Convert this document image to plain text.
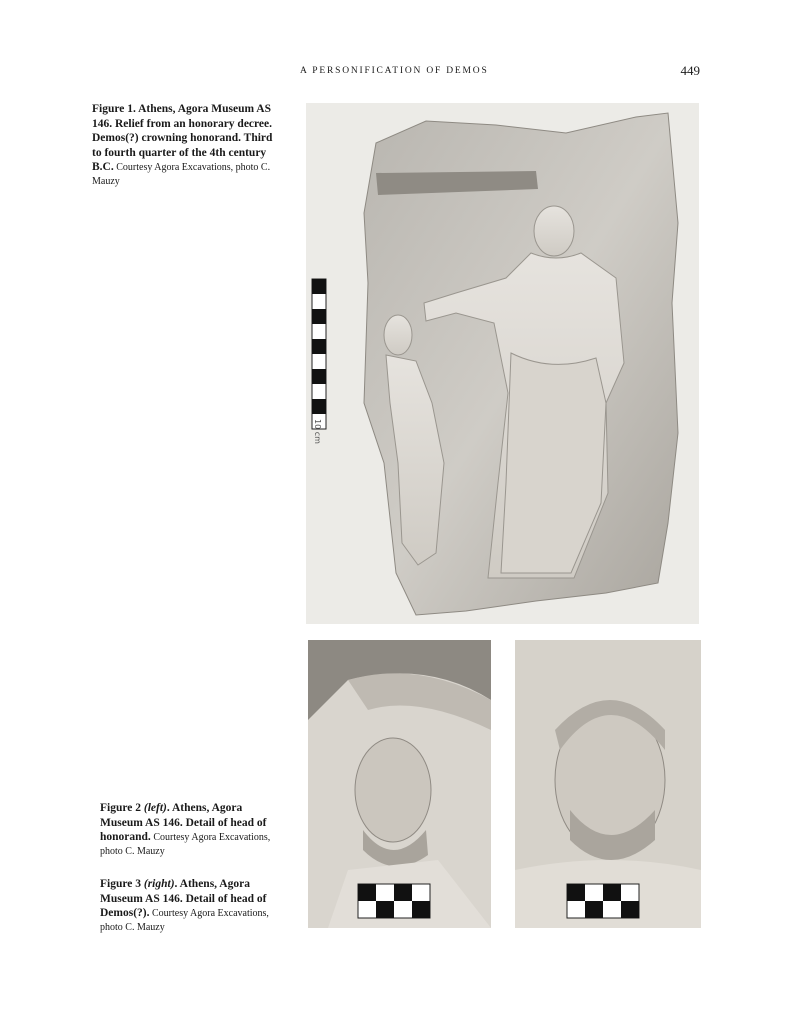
A PERSONIFICATION OF DEMOS	449
Figure 1. Athens, Agora Museum AS 146. Relief from an honorary decree. Demos(?) crowning honorand. Third to fourth quarter of the 4th century B.C. Courtesy Agora Excavations, photo C. Mauzy
10 cm
Figure 2 (left). Athens, Agora Museum AS 146. Detail of head of honorand. Courtesy Agora Excavations, photo C. Mauzy
Figure 3 (right). Athens, Agora Museum AS 146. Detail of head of Demos(?). Courtesy Agora Excavations, photo C. Mauzy
